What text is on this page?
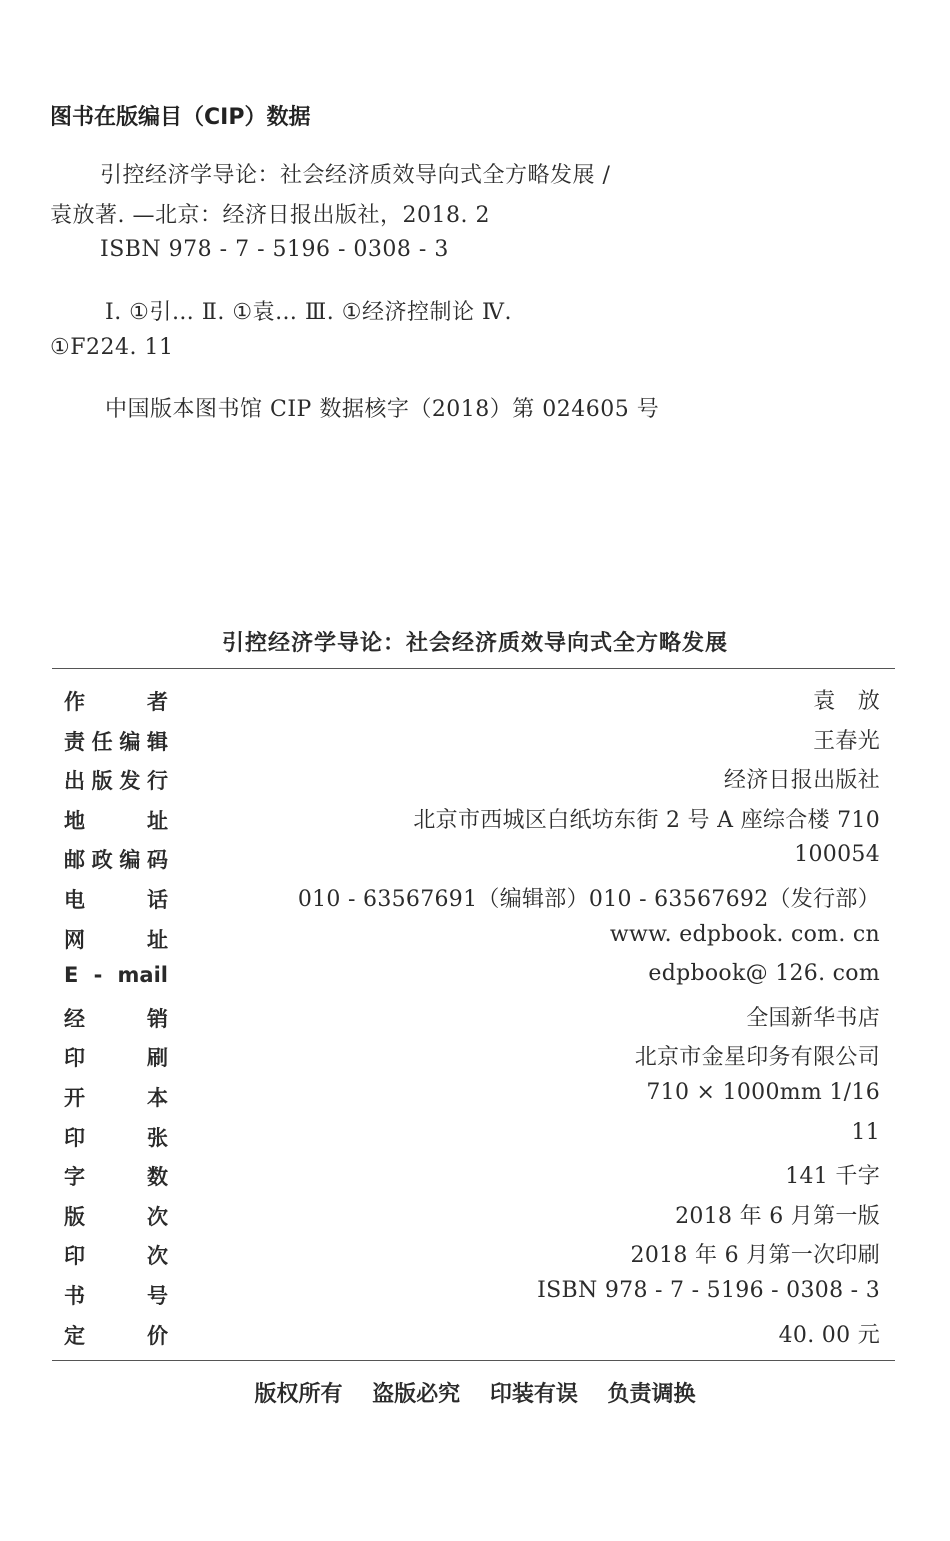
图书在版编目（CIP）数据
引控经济学导论：社会经济质效导向式全方略发展 /
袁放著. —北京：经济日报出版社，2018. 2
ISBN 978 - 7 - 5196 - 0308 - 3
Ⅰ. ①引… Ⅱ. ①袁… Ⅲ. ①经济控制论 Ⅳ.
①F224. 11
中国版本图书馆 CIP 数据核字（2018）第 024605 号
引控经济学导论：社会经济质效导向式全方略发展
作者	袁　放
责任编辑	王春光
出版发行	经济日报出版社
地址	北京市西城区白纸坊东街 2 号 A 座综合楼 710
邮政编码	100054
电话	010 - 63567691（编辑部）010 - 63567692（发行部）
网址	www. edpbook. com. cn
E - mail	edpbook@ 126. com
经销	全国新华书店
印刷	北京市金星印务有限公司
开本	710 × 1000mm 1/16
印张	11
字数	141 千字
版次	2018 年 6 月第一版
印次	2018 年 6 月第一次印刷
书号	ISBN 978 - 7 - 5196 - 0308 - 3
定价	40. 00 元
版权所有 盗版必究 印装有误 负责调换
